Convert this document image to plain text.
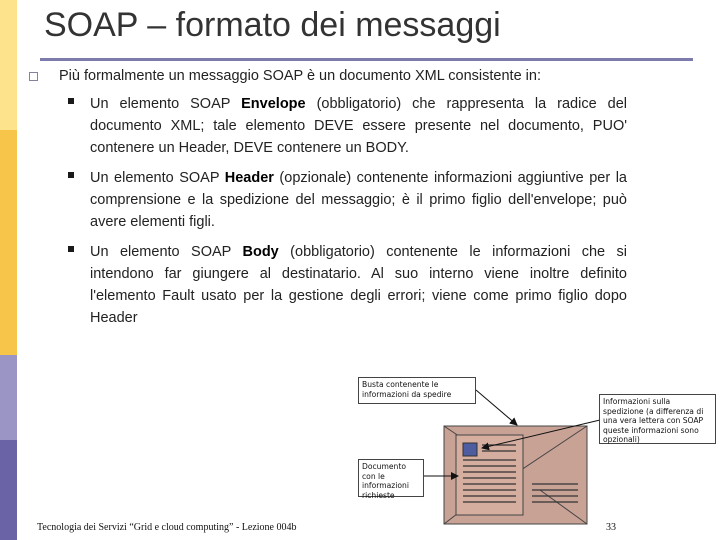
SOAP – formato dei messaggi
Più formalmente un messaggio SOAP è un documento XML consistente in:
Un elemento SOAP Envelope (obbligatorio) che rappresenta la radice del documento XML; tale elemento DEVE essere presente nel documento, PUO' contenere un Header, DEVE contenere un BODY.
Un elemento SOAP Header (opzionale) contenente informazioni aggiuntive per la comprensione e la spedizione del messaggio; è il primo figlio dell'envelope; può avere elementi figli.
Un elemento SOAP Body (obbligatorio) contenente le informazioni che si intendono far giungere al destinatario. Al suo interno viene inoltre definito l'elemento Fault usato per la gestione degli errori; viene come primo figlio dopo Header
Busta contenente le informazioni da spedire
Informazioni sulla spedizione (a differenza di una vera lettera con SOAP queste informazioni sono opzionali)
Documento con le informazioni richieste
Tecnologia dei Servizi “Grid e cloud computing” - Lezione 004b	33
